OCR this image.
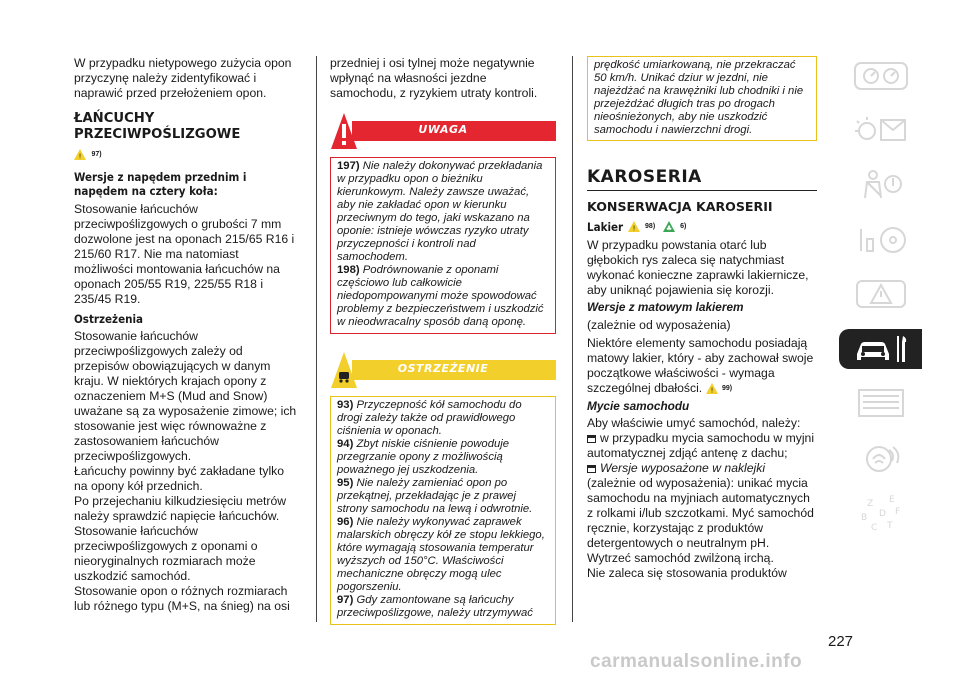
W przypadku nietypowego zużycia opon przyczynę należy zidentyfikować i naprawić przed przełożeniem opon.

ŁAŃCUCHY
PRZECIWPOŚLIZGOWE
! 97)
Wersje z napędem przednim i napędem na cztery koła:

Stosowanie łańcuchów przeciwpoślizgowych o grubości 7 mm dozwolone jest na oponach 215/65 R16 i 215/60 R17. Nie ma natomiast możliwości montowania łańcuchów na oponach 205/55 R19, 225/55 R18 i 235/45 R19.

Ostrzeżenia

Stosowanie łańcuchów przeciwpoślizgowych zależy od przepisów obowiązujących w danym kraju. W niektórych krajach opony z oznaczeniem M+S (Mud and Snow) uważane są za wyposażenie zimowe; ich stosowanie jest więc równoważne z zastosowaniem łańcuchów przeciwpoślizgowych.

Łańcuchy powinny być zakładane tylko na opony kół przednich.

Po przejechaniu kilkudziesięciu metrów należy sprawdzić napięcie łańcuchów.

Stosowanie łańcuchów przeciwpoślizgowych z oponami o nieoryginalnych rozmiarach może uszkodzić samochód.

Stosowanie opon o różnych rozmiarach lub różnego typu (M+S, na śnieg) na osi

przedniej i osi tylnej może negatywnie wpłynąć na własności jezdne samochodu, z ryzykiem utraty kontroli.

UWAGA
197) Nie należy dokonywać przekładania w przypadku opon o bieżniku kierunkowym. Należy zawsze uważać, aby nie zakładać opon w kierunku przeciwnym do tego, jaki wskazano na oponie: istnieje wówczas ryzyko utraty przyczepności i kontroli nad samochodem.
198) Podrównowanie z oponami częściowo lub całkowicie niedopompowanymi może spowodować problemy z bezpieczeństwem i uszkodzić w nieodwracalny sposób daną oponę.
OSTRZEŻENIE
93) Przyczepność kół samochodu do drogi zależy także od prawidłowego ciśnienia w oponach.
94) Zbyt niskie ciśnienie powoduje przegrzanie opony z możliwością poważnego jej uszkodzenia.
95) Nie należy zamieniać opon po przekątnej, przekładając je z prawej strony samochodu na lewą i odwrotnie.
96) Nie należy wykonywać zaprawek malarskich obręczy kół ze stopu lekkiego, które wymagają stosowania temperatur wyższych od 150°C. Właściwości mechaniczne obręczy mogą ulec pogorszeniu.
97) Gdy zamontowane są łańcuchy przeciwpoślizgowe, należy utrzymywać
prędkość umiarkowaną, nie przekraczać 50 km/h. Unikać dziur w jezdni, nie najeżdżać na krawężniki lub chodniki i nie przejeżdżać długich tras po drogach nieośnieżonych, aby nie uszkodzić samochodu i nawierzchni drogi.
KAROSERIA
KONSERWACJA KAROSERII
Lakier ! 98) ♣ 6)

W przypadku powstania otarć lub głębokich rys zaleca się natychmiast wykonać konieczne zaprawki lakiernicze, aby uniknąć pojawienia się korozji.

Wersje z matowym lakierem

(zależnie od wyposażenia)

Niektóre elementy samochodu posiadają matowy lakier, który - aby zachował swoje początkowe właściwości - wymaga szczególnej dbałości. ! 99)

Mycie samochodu

Aby właściwie umyć samochód, należy:

w przypadku mycia samochodu w myjni automatycznej zdjąć antenę z dachu;

Wersje wyposażone w naklejki (zależnie od wyposażenia): unikać mycia samochodu na myjniach automatycznych z rolkami i/lub szczotkami. Myć samochód ręcznie, korzystając z produktów detergentowych o neutralnym pH.

Wytrzeć samochód zwilżoną irchą.

Nie zaleca się stosowania produktów

Z E
B D F
C T
227
carmanualsonline.info
